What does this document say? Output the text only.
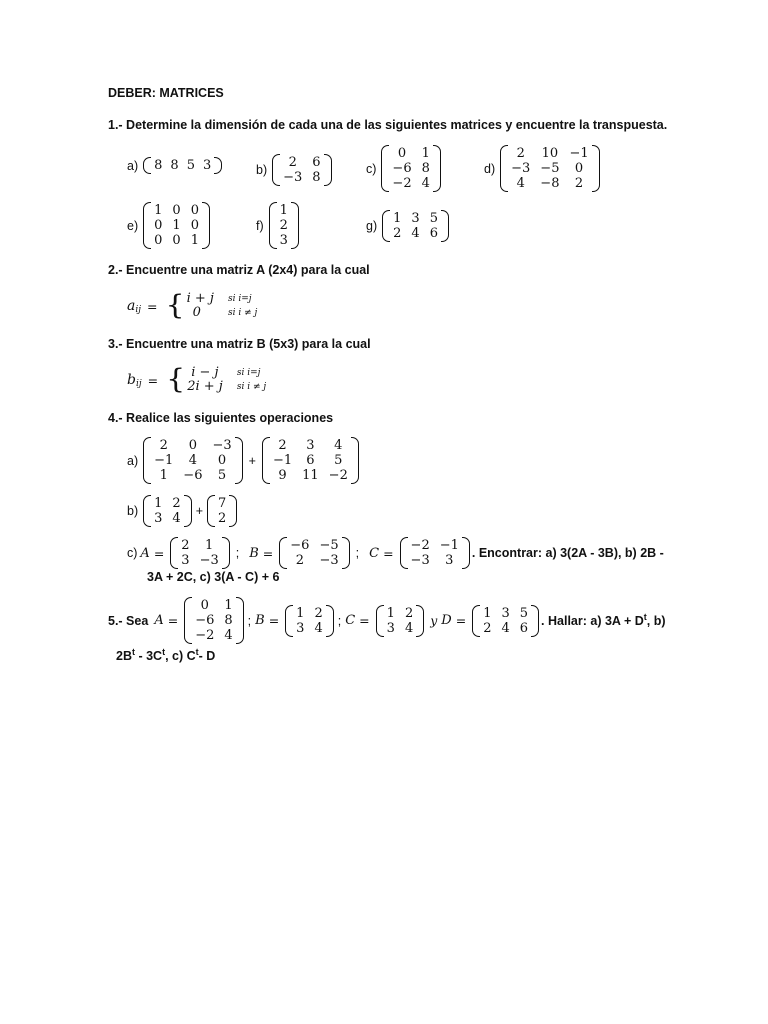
DEBER: MATRICES
1.- Determine la dimensión de cada una de las siguientes matrices y encuentre la transpuesta.
a) 8 8 5 3	b)	2	6
−3 8
c)
0	1
−6 8
−2 4
d)
2	10 −1
−3 −5	0
4	−8	2
e)
1 0 0
0 1 0
0 0 1
f)
1
2
3
g) 1 3 5
2 4 6
2.- Encuentre una matriz A (2x4) para la cual
a ij = { i + j
0
si i=j
si i ≠ j
3.- Encuentre una matriz B (5x3) para la cual
b ij = { i − j
2i + j
si i=j
si i ≠ j
4.- Realice las siguientes operaciones
a)
2	0	−3
−1	4	0
1	−6	5
+
2	3	4
−1	6	5
9	11 −2
b) 1 2
3 4 + 7
2
c) A = 2	1
3 −3 ; B = −6 −5
2	−3 ; C = −2 −1
−3	3	. Encontrar: a) 3(2A - 3B), b) 2B -
3A + 2C, c) 3(A - C) + 6
5.- Sea A =
0	1
−6 8
−2 4
; B = 1 2
3 4 ; C = 1 2
3 4 y D = 1 3 5
2 4 6 . Hallar: a) $3A + D^t$, b)
$2B^t - 3C^t$, c) $C^t-$ D
